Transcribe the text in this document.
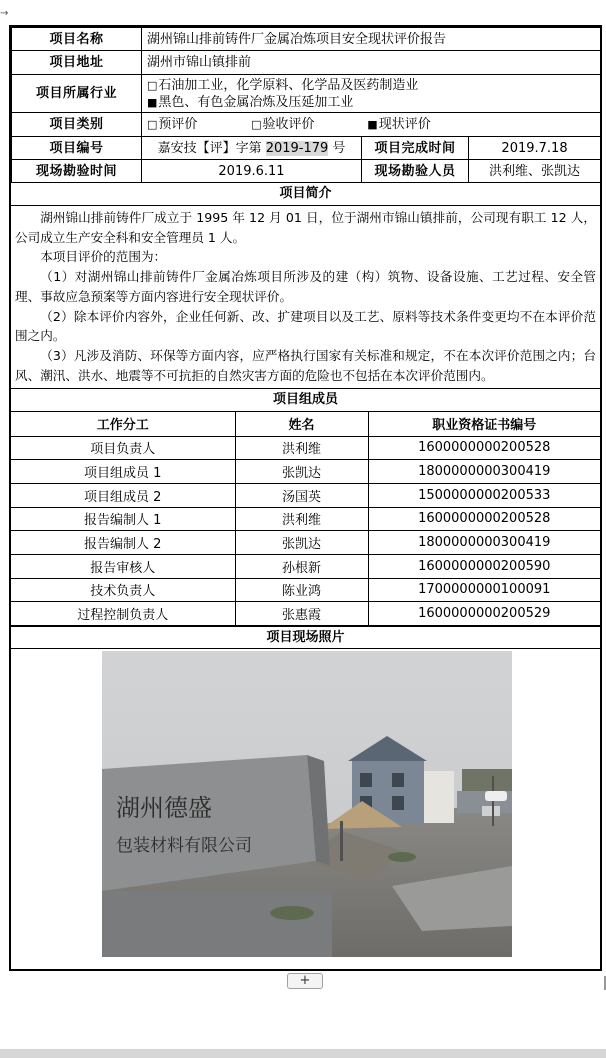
→
项目名称	湖州锦山排前铸件厂金属冶炼项目安全现状评价报告		
项目地址	湖州市锦山镇排前		
项目所属行业	□石油加工业，化学原料、化学品及医药制造业
■黑色、有色金属冶炼及压延加工业		

项目类别	□预评价 □验收评价 ■现状评价		
项目编号	嘉安技【评】字第 2019-179 号	项目完成时间	2019.7.18
现场勘验时间	2019.6.11	现场勘验人员	洪利维、张凯达
项目简介

湖州锦山排前铸件厂成立于 1995 年 12 月 01 日，位于湖州市锦山镇排前，公司现有职工 12 人，公司成立生产安全科和安全管理员 1 人。

本项目评价的范围为：

（1）对湖州锦山排前铸件厂金属冶炼项目所涉及的建（构）筑物、设备设施、工艺过程、安全管理、事故应急预案等方面内容进行安全现状评价。

（2）除本评价内容外，企业任何新、改、扩建项目以及工艺、原料等技术条件变更均不在本评价范围之内。

（3）凡涉及消防、环保等方面内容，应严格执行国家有关标准和规定，不在本次评价范围之内；台风、潮汛、洪水、地震等不可抗拒的自然灾害方面的危险也不包括在本次评价范围内。

项目组成员
工作分工	姓名	职业资格证书编号
项目负责人	洪利维	1600000000200528
项目组成员 1	张凯达	1800000000300419
项目组成员 2	汤国英	1500000000200533
报告编制人 1	洪利维	1600000000200528
报告编制人 2	张凯达	1800000000300419
报告审核人	孙根新	1600000000200590
技术负责人	陈业鸿	1700000000100091
过程控制负责人	张惠霞	1600000000200529
项目现场照片
湖州德盛
包装材料有限公司
+
